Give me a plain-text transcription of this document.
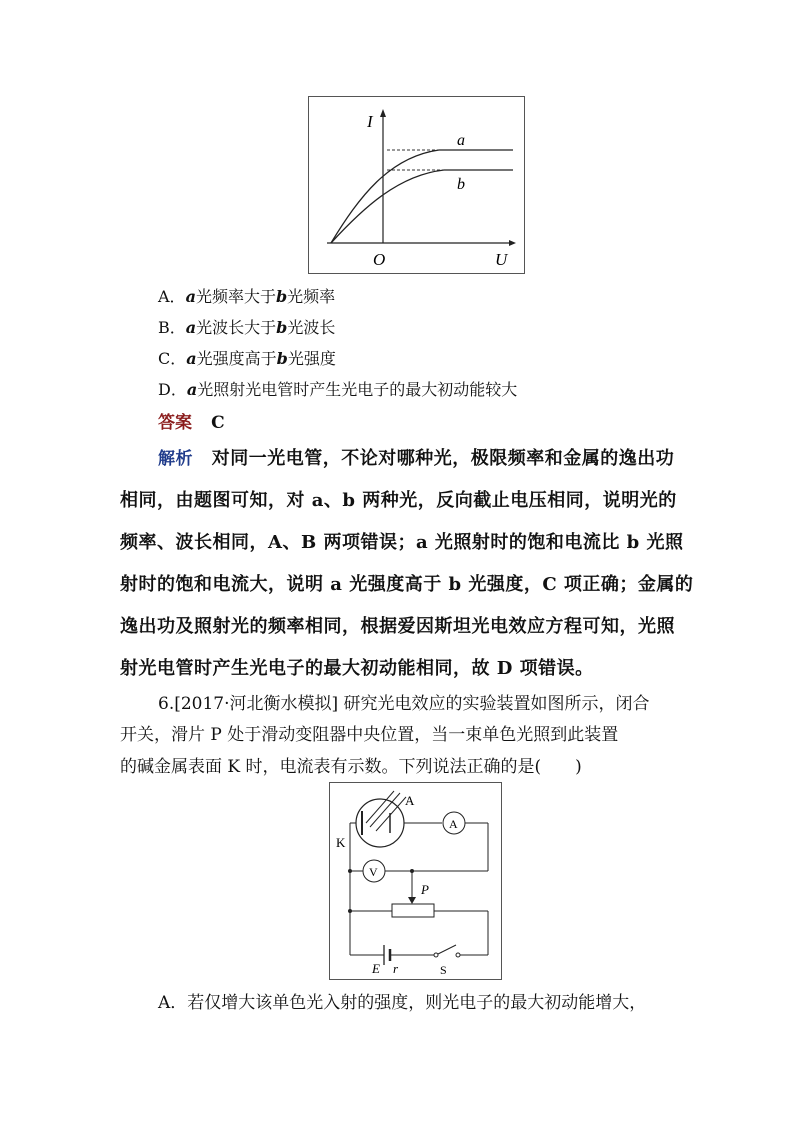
I
a
b
O	U
A．a光频率大于b光频率
B．a光波长大于b光波长
C．a光强度高于b光强度
D．a光照射光电管时产生光电子的最大初动能较大
答案 C
解析 对同一光电管，不论对哪种光，极限频率和金属的逸出功
相同，由题图可知，对 a、b 两种光，反向截止电压相同，说明光的
频率、波长相同，A、B 两项错误；a 光照射时的饱和电流比 b 光照
射时的饱和电流大，说明 a 光强度高于 b 光强度，C 项正确；金属的
逸出功及照射光的频率相同，根据爱因斯坦光电效应方程可知，光照
射光电管时产生光电子的最大初动能相同，故 D 项错误。
6.[2017·河北衡水模拟] 研究光电效应的实验装置如图所示，闭合
开关，滑片 P 处于滑动变阻器中央位置，当一束单色光照到此装置
的碱金属表面 K 时，电流表有示数。下列说法正确的是(　　)
A
K
A
V
P
E r	S
A．若仅增大该单色光入射的强度，则光电子的最大初动能增大，
